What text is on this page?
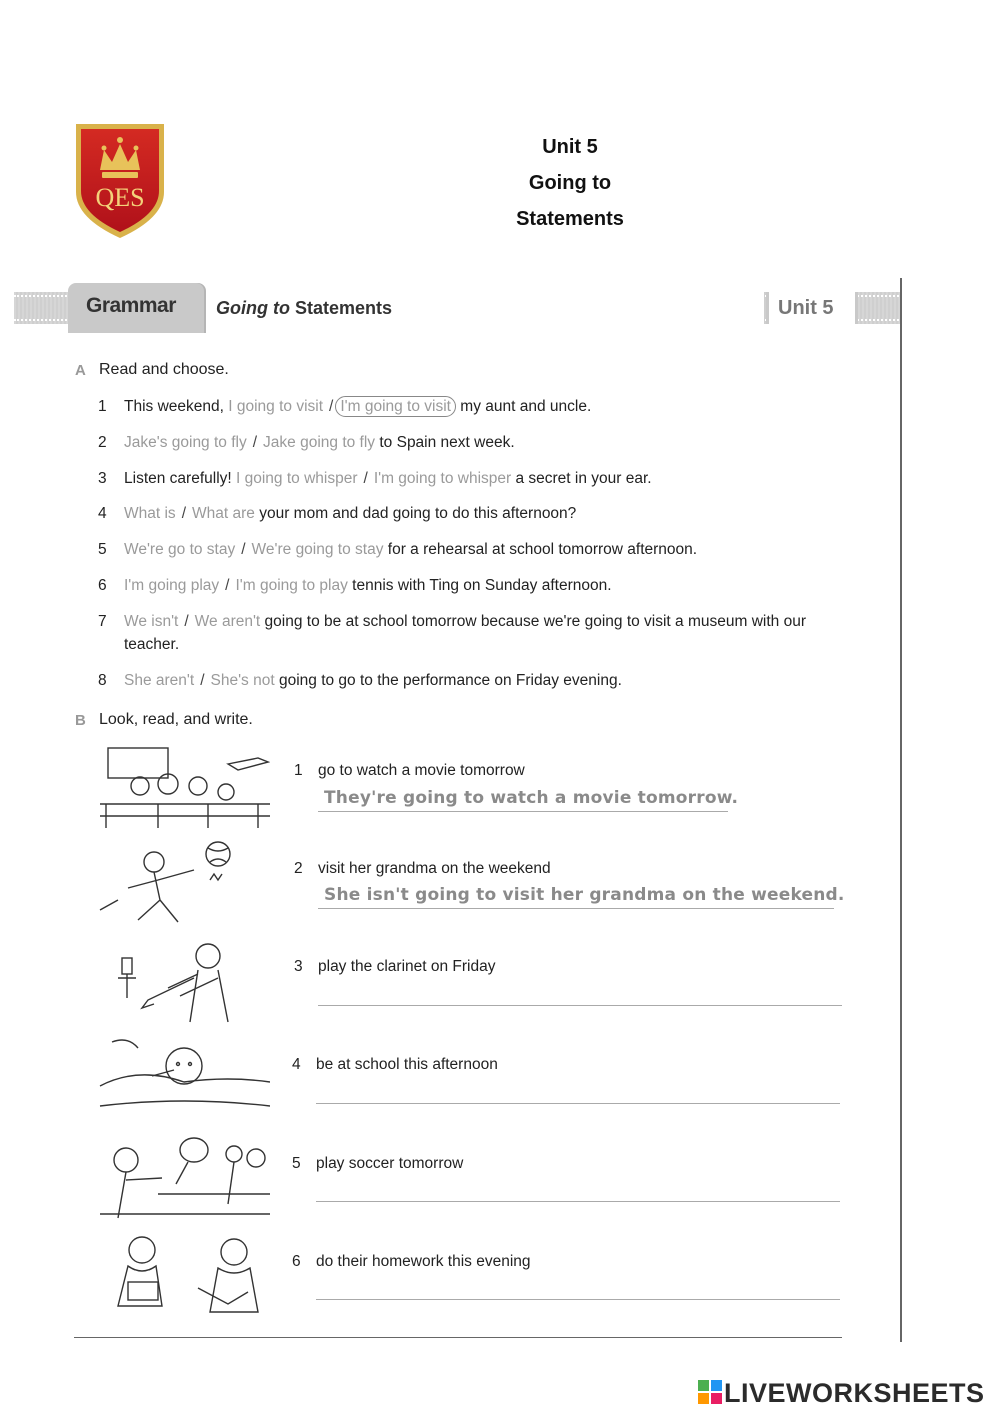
QES
Unit 5
Going to
Statements
Grammar Going to Statements	Unit 5
A Read and choose.
1	This weekend, I going to visit / I'm going to visit my aunt and uncle.
2	Jake's going to fly / Jake going to fly to Spain next week.
3	Listen carefully! I going to whisper / I'm going to whisper a secret in your ear.
4	What is / What are your mom and dad going to do this afternoon?
5	We're go to stay / We're going to stay for a rehearsal at school tomorrow afternoon.
6	I'm going play / I'm going to play tennis with Ting on Sunday afternoon.
7	We isn't / We aren't going to be at school tomorrow because we're going to visit a museum with our teacher.
8	She aren't / She's not going to go to the performance on Friday evening.
B Look, read, and write.
1 go to watch a movie tomorrow
They're going to watch a movie tomorrow.
2 visit her grandma on the weekend
She isn't going to visit her grandma on the weekend.
3 play the clarinet on Friday
4 be at school this afternoon
5 play soccer tomorrow
6 do their homework this evening
LIVEWORKSHEETS
